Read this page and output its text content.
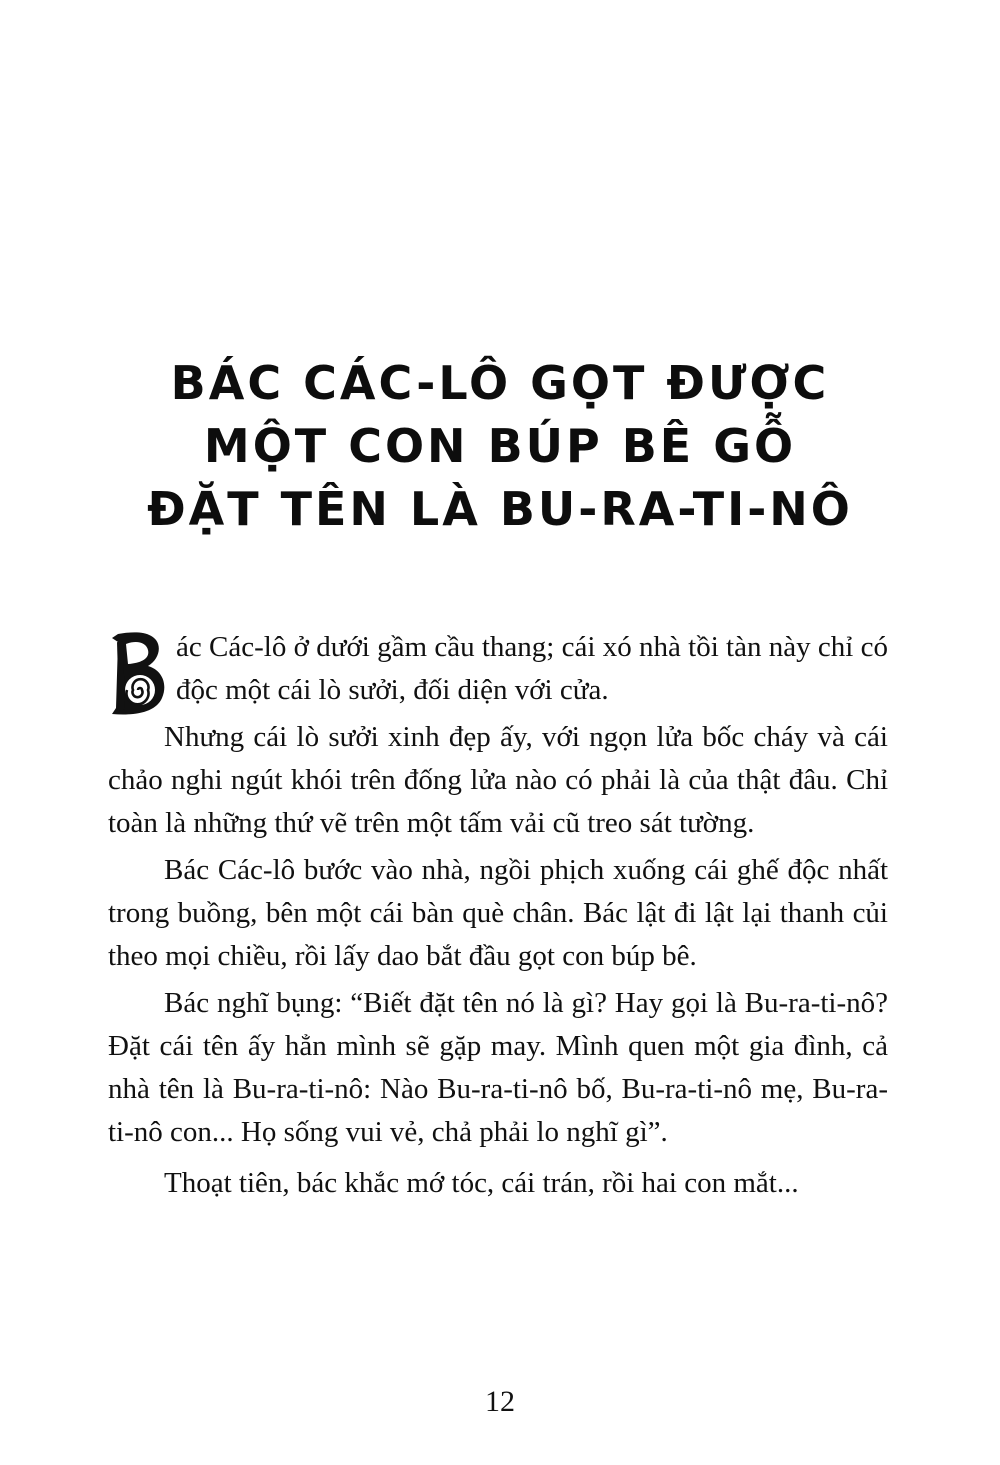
BÁC CÁC-LÔ GỌT ĐƯỢC
MỘT CON BÚP BÊ GỖ
ĐẶT TÊN LÀ BU-RA-TI-NÔ

ác Các-lô ở dưới gầm cầu thang; cái xó nhà tồi tàn này chỉ có độc một cái lò sưởi, đối diện với cửa.

Nhưng cái lò sưởi xinh đẹp ấy, với ngọn lửa bốc cháy và cái chảo nghi ngút khói trên đống lửa nào có phải là của thật đâu. Chỉ toàn là những thứ vẽ trên một tấm vải cũ treo sát tường.

Bác Các-lô bước vào nhà, ngồi phịch xuống cái ghế độc nhất trong buồng, bên một cái bàn què chân. Bác lật đi lật lại thanh củi theo mọi chiều, rồi lấy dao bắt đầu gọt con búp bê.

Bác nghĩ bụng: “Biết đặt tên nó là gì? Hay gọi là Bu-ra-ti-nô? Đặt cái tên ấy hẳn mình sẽ gặp may. Mình quen một gia đình, cả nhà tên là Bu-ra-ti-nô: Nào Bu-ra-ti-nô bố, Bu-ra-ti-nô mẹ, Bu-ra-ti-nô con... Họ sống vui vẻ, chả phải lo nghĩ gì”.

Thoạt tiên, bác khắc mớ tóc, cái trán, rồi hai con mắt...

12
